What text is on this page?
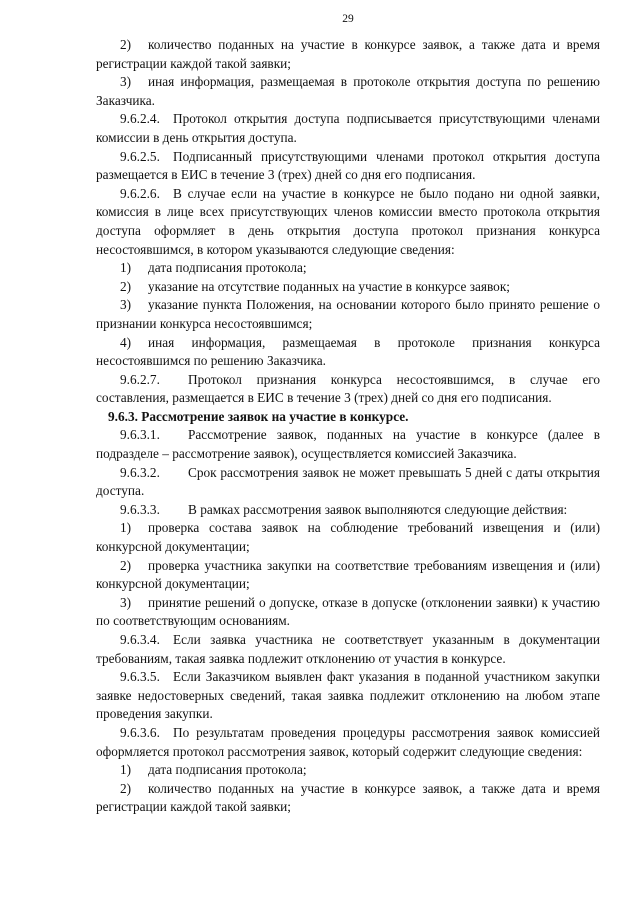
29
2) количество поданных на участие в конкурсе заявок, а также дата и время регистрации каждой такой заявки;
3) иная информация, размещаемая в протоколе открытия доступа по решению Заказчика.
9.6.2.4. Протокол открытия доступа подписывается присутствующими членами комиссии в день открытия доступа.
9.6.2.5. Подписанный присутствующими членами протокол открытия доступа размещается в ЕИС в течение 3 (трех) дней со дня его подписания.
9.6.2.6. В случае если на участие в конкурсе не было подано ни одной заявки, комиссия в лице всех присутствующих членов комиссии вместо протокола открытия доступа оформляет в день открытия доступа протокол признания конкурса несостоявшимся, в котором указываются следующие сведения:
1) дата подписания протокола;
2) указание на отсутствие поданных на участие в конкурсе заявок;
3) указание пункта Положения, на основании которого было принято решение о признании конкурса несостоявшимся;
4) иная информация, размещаемая в протоколе признания конкурса несостоявшимся по решению Заказчика.
9.6.2.7. Протокол признания конкурса несостоявшимся, в случае его составления, размещается в ЕИС в течение 3 (трех) дней со дня его подписания.
9.6.3. Рассмотрение заявок на участие в конкурсе.
9.6.3.1. Рассмотрение заявок, поданных на участие в конкурсе (далее в подразделе – рассмотрение заявок), осуществляется комиссией Заказчика.
9.6.3.2. Срок рассмотрения заявок не может превышать 5 дней с даты открытия доступа.
9.6.3.3. В рамках рассмотрения заявок выполняются следующие действия:
1) проверка состава заявок на соблюдение требований извещения и (или) конкурсной документации;
2) проверка участника закупки на соответствие требованиям извещения и (или) конкурсной документации;
3) принятие решений о допуске, отказе в допуске (отклонении заявки) к участию по соответствующим основаниям.
9.6.3.4. Если заявка участника не соответствует указанным в документации требованиям, такая заявка подлежит отклонению от участия в конкурсе.
9.6.3.5. Если Заказчиком выявлен факт указания в поданной участником закупки заявке недостоверных сведений, такая заявка подлежит отклонению на любом этапе проведения закупки.
9.6.3.6. По результатам проведения процедуры рассмотрения заявок комиссией оформляется протокол рассмотрения заявок, который содержит следующие сведения:
1) дата подписания протокола;
2) количество поданных на участие в конкурсе заявок, а также дата и время регистрации каждой такой заявки;
